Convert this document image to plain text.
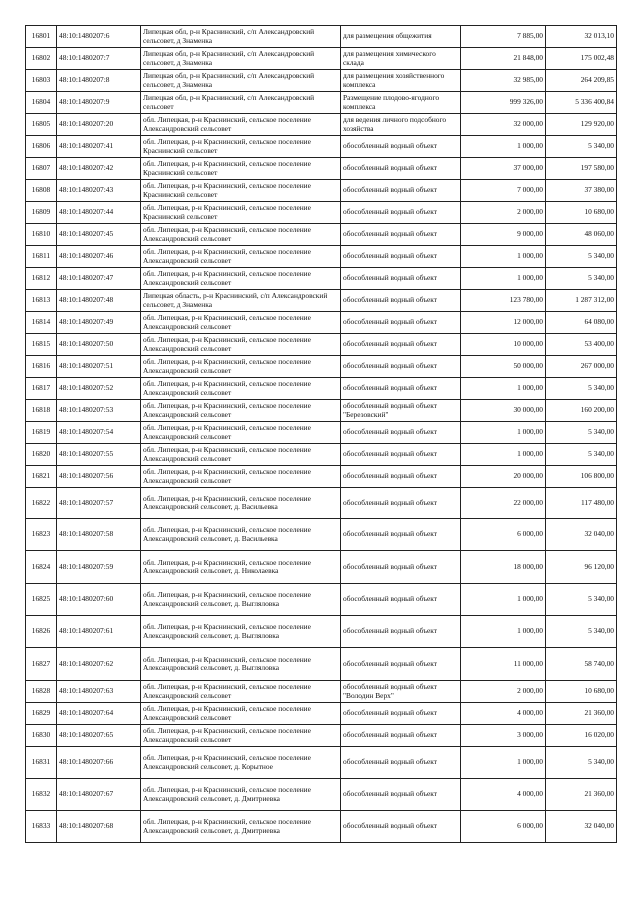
16801	48:10:1480207:6	Липецкая обл, р-н Краснинский, с/п Александровский сельсовет, д Знаменка	для размещения общежития	7 885,00	32 013,10
16802	48:10:1480207:7	Липецкая обл, р-н Краснинский, с/п Александровский сельсовет, д Знаменка	для размещения химического склада	21 848,00	175 002,48
16803	48:10:1480207:8	Липецкая обл, р-н Краснинский, с/п Александровский сельсовет, д Знаменка	для размещения хозяйственного комплекса	32 985,00	264 209,85
16804	48:10:1480207:9	Липецкая обл, р-н Краснинский, с/п Александровский сельсовет	Размещение плодово-ягодного комплекса	999 326,00	5 336 400,84
16805	48:10:1480207:20	обл. Липецкая, р-н Краснинский, сельское поселение Александровский сельсовет	для ведения личного подсобного хозяйства	32 000,00	129 920,00
16806	48:10:1480207:41	обл. Липецкая, р-н Краснинский, сельское поселение Краснинский сельсовет	обособленный водный объект	1 000,00	5 340,00
16807	48:10:1480207:42	обл. Липецкая, р-н Краснинский, сельское поселение Краснинский сельсовет	обособленный водный объект	37 000,00	197 580,00
16808	48:10:1480207:43	обл. Липецкая, р-н Краснинский, сельское поселение Краснинский сельсовет	обособленный водный объект	7 000,00	37 380,00
16809	48:10:1480207:44	обл. Липецкая, р-н Краснинский, сельское поселение Краснинский сельсовет	обособленный водный объект	2 000,00	10 680,00
16810	48:10:1480207:45	обл. Липецкая, р-н Краснинский, сельское поселение Александровский сельсовет	обособленный водный объект	9 000,00	48 060,00
16811	48:10:1480207:46	обл. Липецкая, р-н Краснинский, сельское поселение Александровский сельсовет	обособленный водный объект	1 000,00	5 340,00
16812	48:10:1480207:47	обл. Липецкая, р-н Краснинский, сельское поселение Александровский сельсовет	обособленный водный объект	1 000,00	5 340,00
16813	48:10:1480207:48	Липецкая область, р-н Краснинский, с/п Александровский сельсовет, д Знаменка	обособленный водный объект	123 780,00	1 287 312,00
16814	48:10:1480207:49	обл. Липецкая, р-н Краснинский, сельское поселение Александровский сельсовет	обособленный водный объект	12 000,00	64 080,00
16815	48:10:1480207:50	обл. Липецкая, р-н Краснинский, сельское поселение Александровский сельсовет	обособленный водный объект	10 000,00	53 400,00
16816	48:10:1480207:51	обл. Липецкая, р-н Краснинский, сельское поселение Александровский сельсовет	обособленный водный объект	50 000,00	267 000,00
16817	48:10:1480207:52	обл. Липецкая, р-н Краснинский, сельское поселение Александровский сельсовет	обособленный водный объект	1 000,00	5 340,00
16818	48:10:1480207:53	обл. Липецкая, р-н Краснинский, сельское поселение Александровский сельсовет	обособленный водный объект "Березовский"	30 000,00	160 200,00
16819	48:10:1480207:54	обл. Липецкая, р-н Краснинский, сельское поселение Александровский сельсовет	обособленный водный объект	1 000,00	5 340,00
16820	48:10:1480207:55	обл. Липецкая, р-н Краснинский, сельское поселение Александровский сельсовет	обособленный водный объект	1 000,00	5 340,00
16821	48:10:1480207:56	обл. Липецкая, р-н Краснинский, сельское поселение Александровский сельсовет	обособленный водный объект	20 000,00	106 800,00
16822	48:10:1480207:57	обл. Липецкая, р-н Краснинский, сельское поселение Александровский сельсовет, д. Васильевка	обособленный водный объект	22 000,00	117 480,00
16823	48:10:1480207:58	обл. Липецкая, р-н Краснинский, сельское поселение Александровский сельсовет, д. Васильевка	обособленный водный объект	6 000,00	32 040,00
16824	48:10:1480207:59	обл. Липецкая, р-н Краснинский, сельское поселение Александровский сельсовет, д. Николаевка	обособленный водный объект	18 000,00	96 120,00
16825	48:10:1480207:60	обл. Липецкая, р-н Краснинский, сельское поселение Александровский сельсовет, д. Выгляловка	обособленный водный объект	1 000,00	5 340,00
16826	48:10:1480207:61	обл. Липецкая, р-н Краснинский, сельское поселение Александровский сельсовет, д. Выгляловка	обособленный водный объект	1 000,00	5 340,00
16827	48:10:1480207:62	обл. Липецкая, р-н Краснинский, сельское поселение Александровский сельсовет, д. Выгляловка	обособленный водный объект	11 000,00	58 740,00
16828	48:10:1480207:63	обл. Липецкая, р-н Краснинский, сельское поселение Александровский сельсовет	обособленный водный объект "Володин Верх"	2 000,00	10 680,00
16829	48:10:1480207:64	обл. Липецкая, р-н Краснинский, сельское поселение Александровский сельсовет	обособленный водный объект	4 000,00	21 360,00
16830	48:10:1480207:65	обл. Липецкая, р-н Краснинский, сельское поселение Александровский сельсовет	обособленный водный объект	3 000,00	16 020,00
16831	48:10:1480207:66	обл. Липецкая, р-н Краснинский, сельское поселение Александровский сельсовет, д. Корытное	обособленный водный объект	1 000,00	5 340,00
16832	48:10:1480207:67	обл. Липецкая, р-н Краснинский, сельское поселение Александровский сельсовет, д. Дмитриевка	обособленный водный объект	4 000,00	21 360,00
16833	48:10:1480207:68	обл. Липецкая, р-н Краснинский, сельское поселение Александровский сельсовет, д. Дмитриевка	обособленный водный объект	6 000,00	32 040,00
